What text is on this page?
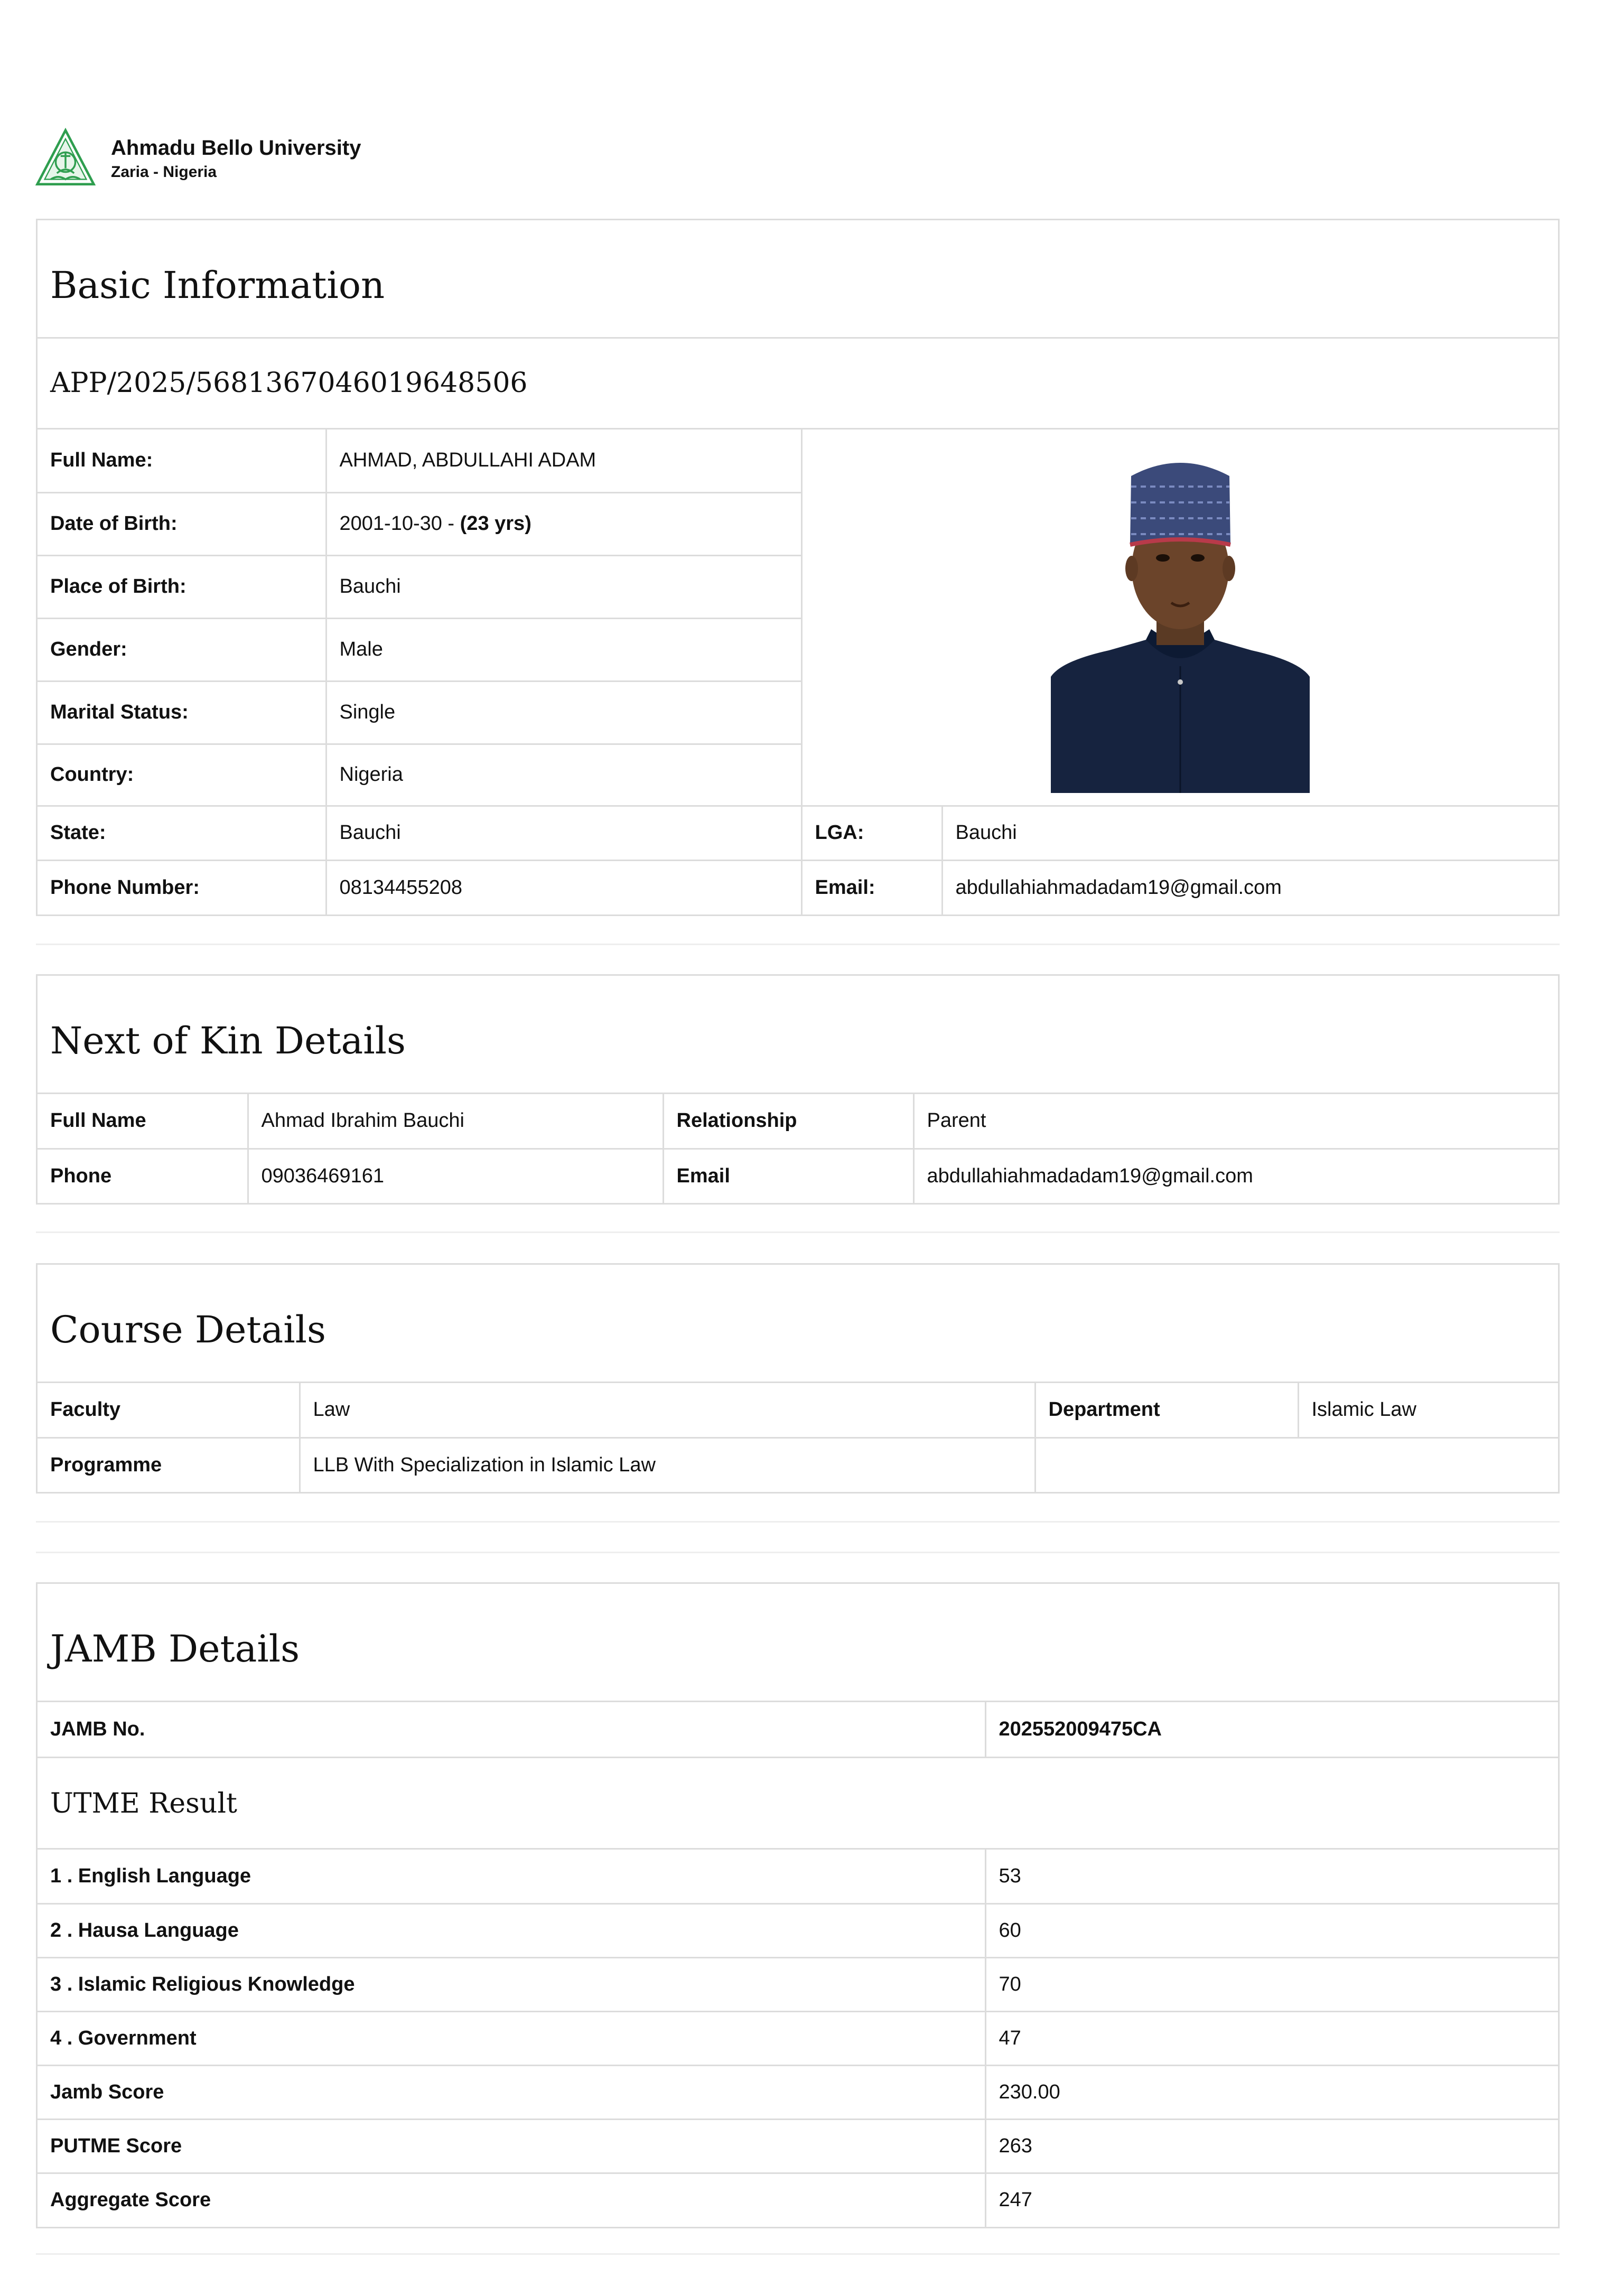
Ahmadu Bello University
Zaria - Nigeria
Basic Information
APP/2025/5681367046019648506
Full Name:	AHMAD, ABDULLAHI ADAM	

Date of Birth:	2001-10-30 - (23 yrs)		
Place of Birth:	Bauchi		
Gender:	Male		
Marital Status:	Single		
Country:	Nigeria		
State:	Bauchi	LGA:	Bauchi
Phone Number:	08134455208	Email:	abdullahiahmadadam19@gmail.com
Next of Kin Details
Full Name	Ahmad Ibrahim Bauchi	Relationship	Parent
Phone	09036469161	Email	abdullahiahmadadam19@gmail.com
Course Details
Faculty	Law	Department	Islamic Law
Programme	LLB With Specialization in Islamic Law		
JAMB Details
JAMB No.	202552009475CA
UTME Result
1 . English Language	53
2 . Hausa Language	60
3 . Islamic Religious Knowledge	70
4 . Government	47
Jamb Score	230.00
PUTME Score	263
Aggregate Score	247
